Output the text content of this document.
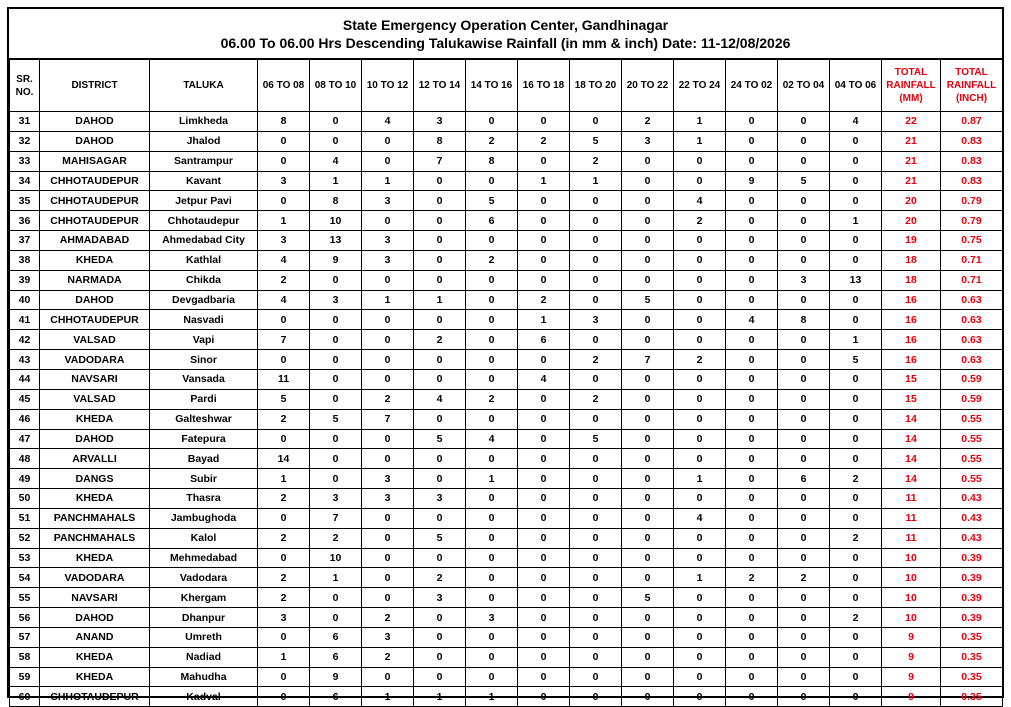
State Emergency Operation Center, Gandhinagar
06.00 To 06.00 Hrs Descending Talukawise Rainfall (in mm & inch) Date: 11-12/08/2026
SR. NO.	DISTRICT	TALUKA	06 TO 08	08 TO 10	10 TO 12	12 TO 14	14 TO 16	16 TO 18	18 TO 20	20 TO 22	22 TO 24	24 TO 02	02 TO 04	04 TO 06	TOTAL RAINFALL (MM)	TOTAL RAINFALL (INCH)
31	DAHOD	Limkheda	8	0	4	3	0	0	0	2	1	0	0	4	22	0.87
32	DAHOD	Jhalod	0	0	0	8	2	2	5	3	1	0	0	0	21	0.83
33	MAHISAGAR	Santrampur	0	4	0	7	8	0	2	0	0	0	0	0	21	0.83
34	CHHOTAUDEPUR	Kavant	3	1	1	0	0	1	1	0	0	9	5	0	21	0.83
35	CHHOTAUDEPUR	Jetpur Pavi	0	8	3	0	5	0	0	0	4	0	0	0	20	0.79
36	CHHOTAUDEPUR	Chhotaudepur	1	10	0	0	6	0	0	0	2	0	0	1	20	0.79
37	AHMADABAD	Ahmedabad City	3	13	3	0	0	0	0	0	0	0	0	0	19	0.75
38	KHEDA	Kathlal	4	9	3	0	2	0	0	0	0	0	0	0	18	0.71
39	NARMADA	Chikda	2	0	0	0	0	0	0	0	0	0	3	13	18	0.71
40	DAHOD	Devgadbaria	4	3	1	1	0	2	0	5	0	0	0	0	16	0.63
41	CHHOTAUDEPUR	Nasvadi	0	0	0	0	0	1	3	0	0	4	8	0	16	0.63
42	VALSAD	Vapi	7	0	0	2	0	6	0	0	0	0	0	1	16	0.63
43	VADODARA	Sinor	0	0	0	0	0	0	2	7	2	0	0	5	16	0.63
44	NAVSARI	Vansada	11	0	0	0	0	4	0	0	0	0	0	0	15	0.59
45	VALSAD	Pardi	5	0	2	4	2	0	2	0	0	0	0	0	15	0.59
46	KHEDA	Galteshwar	2	5	7	0	0	0	0	0	0	0	0	0	14	0.55
47	DAHOD	Fatepura	0	0	0	5	4	0	5	0	0	0	0	0	14	0.55
48	ARVALLI	Bayad	14	0	0	0	0	0	0	0	0	0	0	0	14	0.55
49	DANGS	Subir	1	0	3	0	1	0	0	0	1	0	6	2	14	0.55
50	KHEDA	Thasra	2	3	3	3	0	0	0	0	0	0	0	0	11	0.43
51	PANCHMAHALS	Jambughoda	0	7	0	0	0	0	0	0	4	0	0	0	11	0.43
52	PANCHMAHALS	Kalol	2	2	0	5	0	0	0	0	0	0	0	2	11	0.43
53	KHEDA	Mehmedabad	0	10	0	0	0	0	0	0	0	0	0	0	10	0.39
54	VADODARA	Vadodara	2	1	0	2	0	0	0	0	1	2	2	0	10	0.39
55	NAVSARI	Khergam	2	0	0	3	0	0	0	5	0	0	0	0	10	0.39
56	DAHOD	Dhanpur	3	0	2	0	3	0	0	0	0	0	0	2	10	0.39
57	ANAND	Umreth	0	6	3	0	0	0	0	0	0	0	0	0	9	0.35
58	KHEDA	Nadiad	1	6	2	0	0	0	0	0	0	0	0	0	9	0.35
59	KHEDA	Mahudha	0	9	0	0	0	0	0	0	0	0	0	0	9	0.35
60	CHHOTAUDEPUR	Kadval	0	6	1	1	1	0	0	0	0	0	0	0	9	0.35
